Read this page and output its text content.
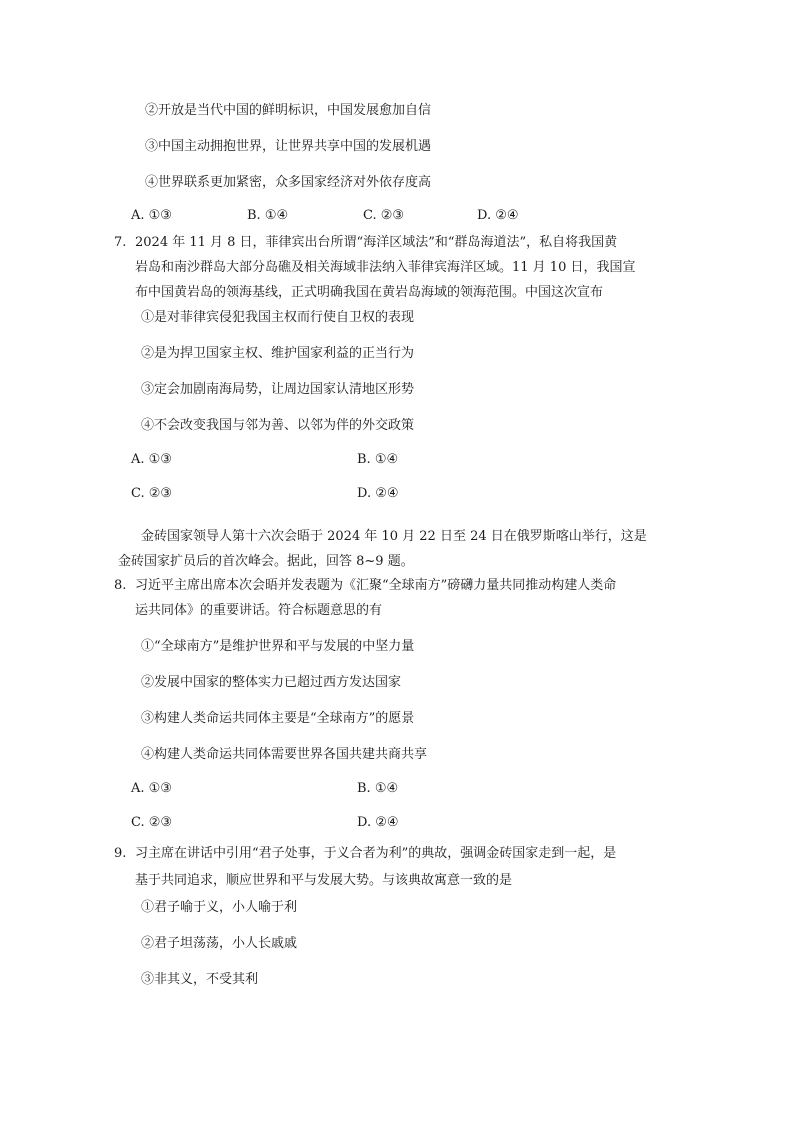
②开放是当代中国的鲜明标识，中国发展愈加自信
③中国主动拥抱世界，让世界共享中国的发展机遇
④世界联系更加紧密，众多国家经济对外依存度高
A. ①③	B. ①④	C. ②③	D. ②④
7. 2024 年 11 月 8 日，菲律宾出台所谓“海洋区域法”和“群岛海道法”，私自将我国黄
岩岛和南沙群岛大部分岛礁及相关海域非法纳入菲律宾海洋区域。11 月 10 日，我国宣
布中国黄岩岛的领海基线，正式明确我国在黄岩岛海域的领海范围。中国这次宣布
①是对菲律宾侵犯我国主权而行使自卫权的表现
②是为捍卫国家主权、维护国家利益的正当行为
③定会加剧南海局势，让周边国家认清地区形势
④不会改变我国与邻为善、以邻为伴的外交政策
A. ①③	B. ①④
C. ②③	D. ②④
金砖国家领导人第十六次会晤于 2024 年 10 月 22 日至 24 日在俄罗斯喀山举行，这是
金砖国家扩员后的首次峰会。据此，回答 8~9 题。
8. 习近平主席出席本次会晤并发表题为《汇聚“全球南方”磅礴力量共同推动构建人类命
运共同体》的重要讲话。符合标题意思的有
①“全球南方”是维护世界和平与发展的中坚力量
②发展中国家的整体实力已超过西方发达国家
③构建人类命运共同体主要是“全球南方”的愿景
④构建人类命运共同体需要世界各国共建共商共享
A. ①③	B. ①④
C. ②③	D. ②④
9. 习主席在讲话中引用“君子处事，于义合者为利”的典故，强调金砖国家走到一起，是
基于共同追求，顺应世界和平与发展大势。与该典故寓意一致的是
①君子喻于义，小人喻于利
②君子坦荡荡，小人长戚戚
③非其义，不受其利
